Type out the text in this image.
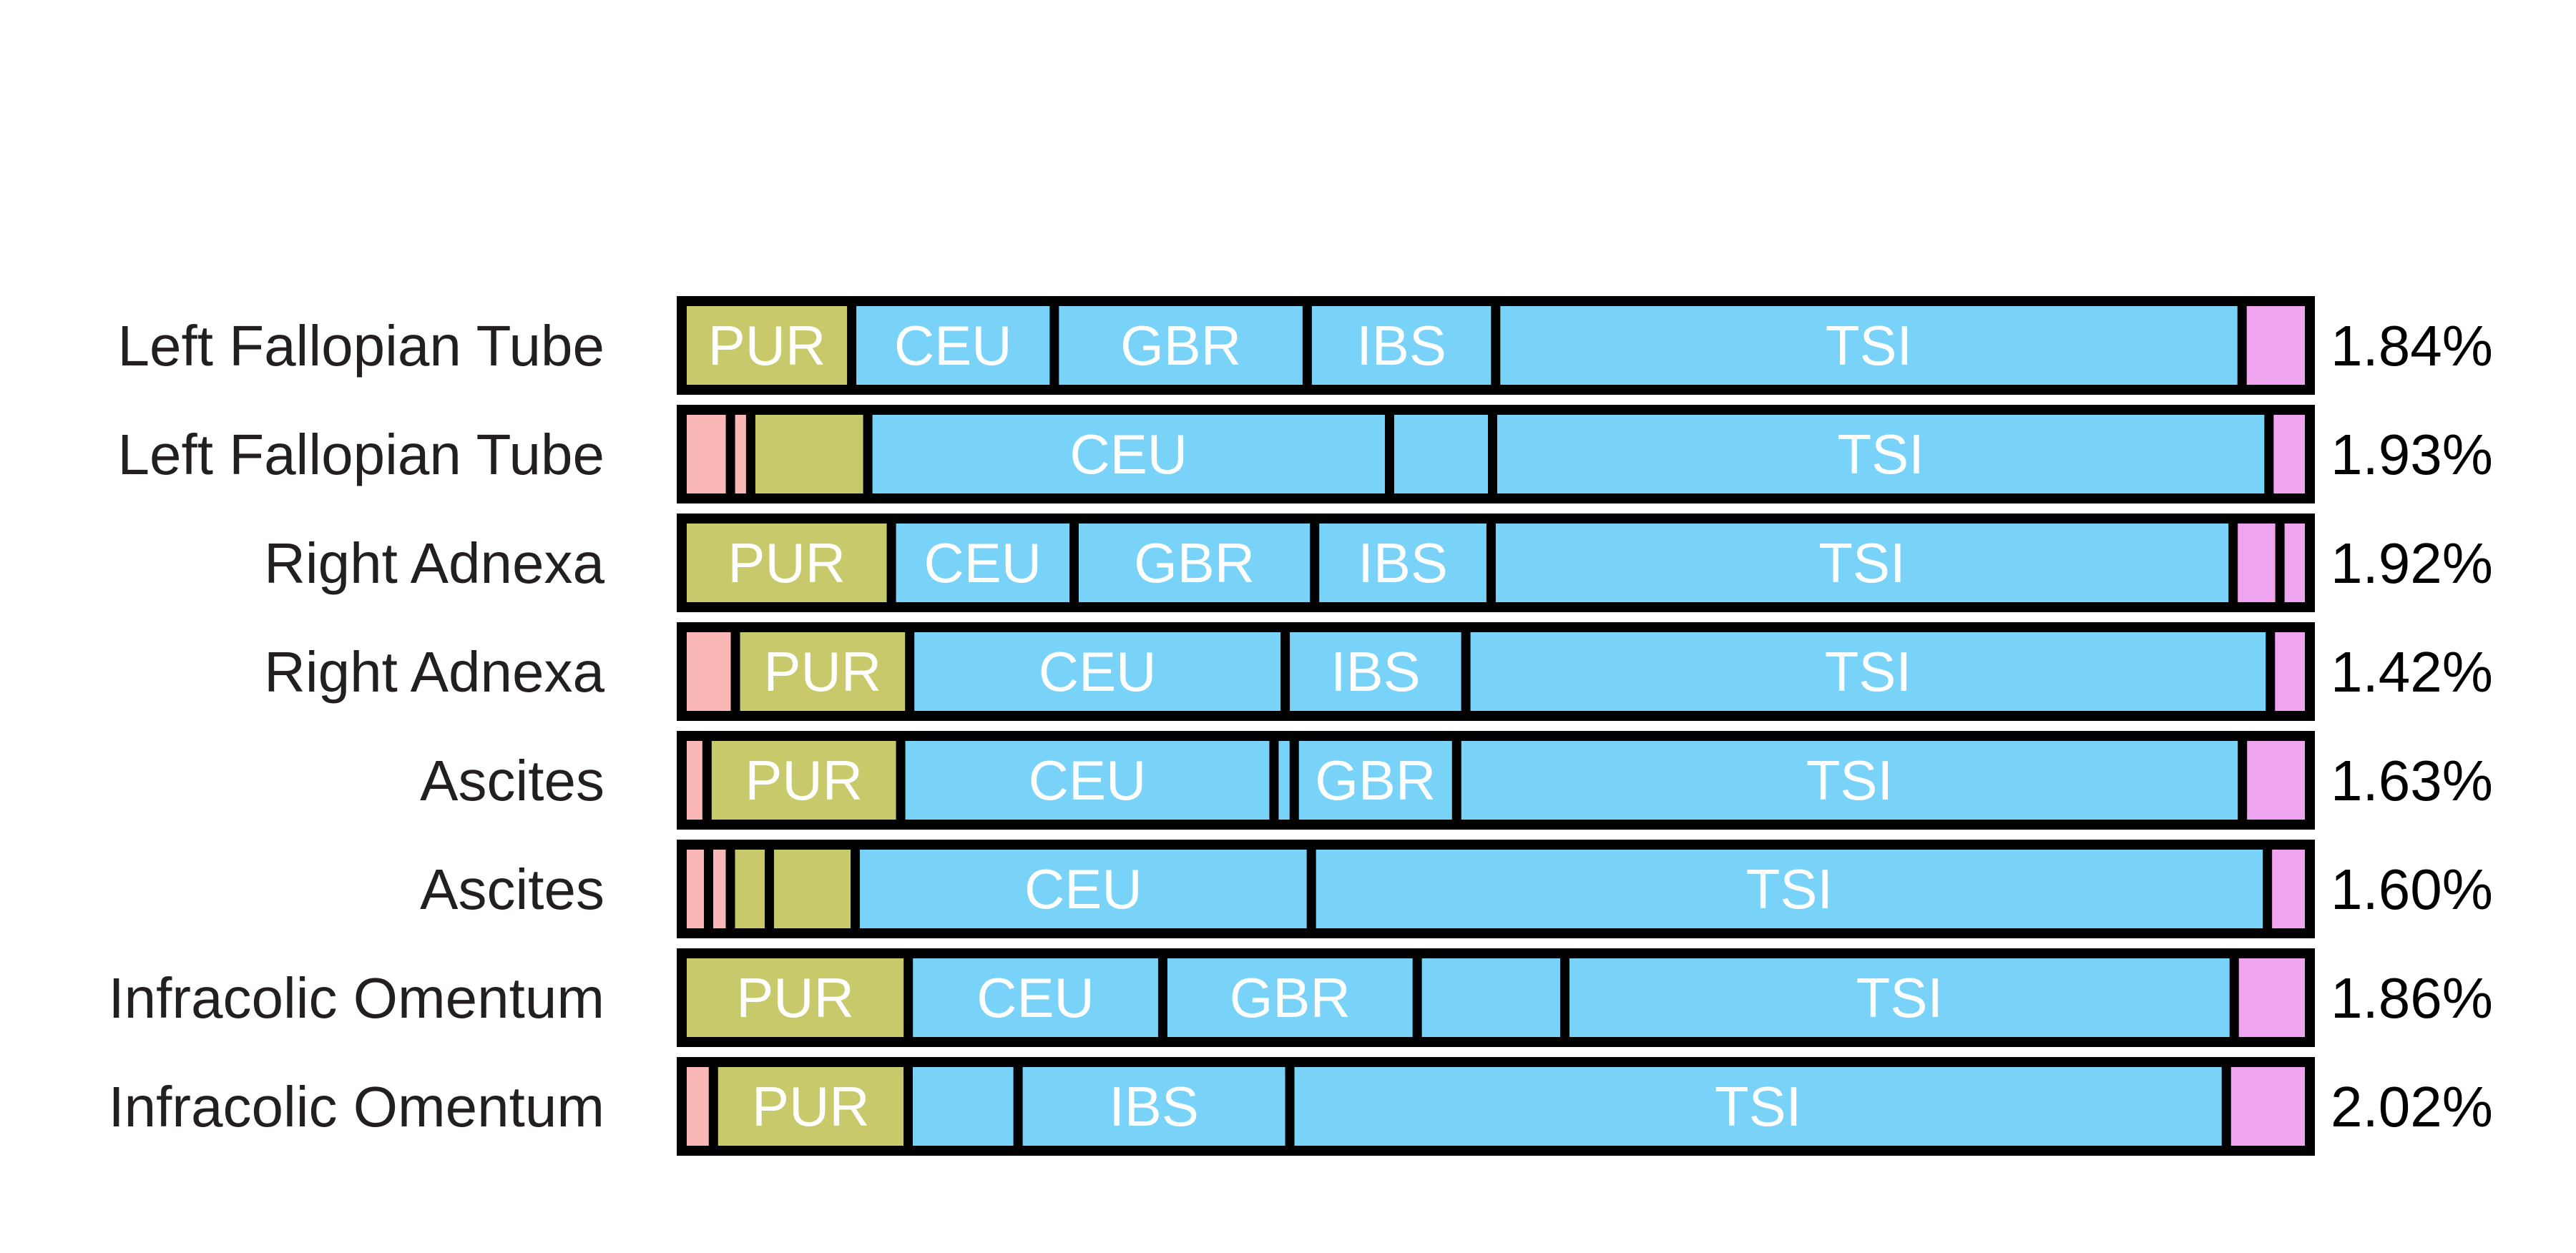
Left Fallopian Tube PUR CEU GBR IBS	TSI	1.84%
Left Fallopian Tube	CEU	TSI	1.93%
Right Adnexa PUR CEU GBR IBS	TSI	1.92%
Right Adnexa	PUR	CEU	IBS	TSI	1.42%
Ascites	PUR	CEU	GBR	TSI	1.63%
Ascites	CEU	TSI	1.60%
Infracolic Omentum PUR CEU GBR	TSI	1.86%
Infracolic Omentum	PUR	IBS	TSI	2.02%
